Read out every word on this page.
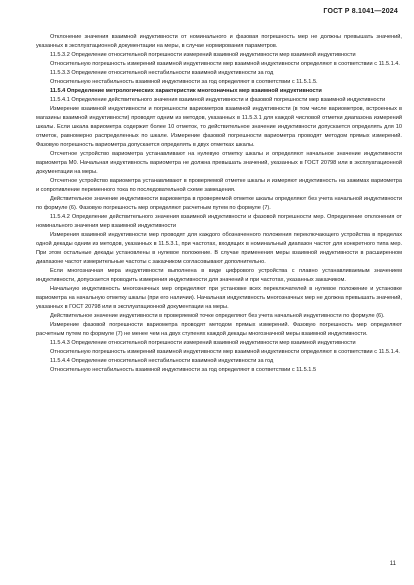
ГОСТ Р 8.1041—2024

Отклонение значения взаимной индуктивности от номинального и фазовая погрешность мер не должны превышать значений, указанных в эксплуатационной документации на меры, в случае нормирования параметров.

11.5.3.2 Определение относительной погрешности измерений взаимной индуктивности мер взаимной индуктивности

Относительную погрешность измерений взаимной индуктивности мер взаимной индуктивности определяют в соответствии с 11.5.1.4.

11.5.3.3 Определение относительной нестабильности взаимной индуктивности за год

Относительную нестабильность взаимной индуктивности за год определяют в соответствии с 11.5.1.5.

11.5.4 Определение метрологических характеристик многозначных мер взаимной индуктивности

11.5.4.1 Определение действительного значения взаимной индуктивности и фазовой погрешности мер взаимной индуктивности

Измерение взаимной индуктивности и погрешности вариометров взаимной индуктивности (в том числе вариометров, встроенных в магазины взаимной индуктивности) проводят одним из методов, указанных в 11.5.3.1 для каждой числовой отметки диапазона измерений шкалы. Если шкала вариометра содержит более 10 отметок, то действительное значение индуктивности допускается определять для 10 отметок, равномерно распределенных по шкале. Измерение фазовой погрешности вариометра проводят методом прямых измерений. Фазовую погрешность вариометра допускается определять в двух отметках шкалы.

Отсчетное устройство вариометра устанавливают на нулевую отметку шкалы и определяют начальное значение индуктивности вариометра M0. Начальная индуктивность вариометра не должна превышать значений, указанных в ГОСТ 20798 или в эксплуатационной документации на меры.

Отсчетное устройство вариометра устанавливают в проверяемой отметке шкалы и измеряют индуктивность на зажимах вариометра и сопротивление переменного тока по последовательной схеме замещения.

Действительное значение индуктивности вариометра в проверяемой отметке шкалы определяют без учета начальной индуктивности по формуле (6). Фазовую погрешность мер определяют расчетным путем по формуле (7).

11.5.4.2 Определение действительного значения взаимной индуктивности и фазовой погрешности мер. Определение отклонения от номинального значения мер взаимной индуктивности

Измерения взаимной индуктивности мер проводят для каждого обозначенного положения переключающего устройства в пределах одной декады одним из методов, указанных в 11.5.3.1, при частотах, входящих в номинальный диапазон частот для конкретного типа мер. При этом остальные декады установлены в нулевое положение. В случае применения меры взаимной индуктивности в расширенном диапазоне частот измерительные частоты с заказчиком согласовывают дополнительно.

Если многозначная мера индуктивности выполнена в виде цифрового устройства с плавно устанавливаемым значением индуктивности, допускается проводить измерения индуктивности для значений и при частотах, указанных заказчиком.

Начальную индуктивность многозначных мер определяют при установке всех переключателей в нулевое положение и установке вариометра на начальную отметку шкалы (при его наличии). Начальная индуктивность многозначных мер не должна превышать значений, указанных в ГОСТ 20798 или в эксплуатационной документации на меры.

Действительное значение индуктивности в проверяемой точке определяют без учета начальной индуктивности по формуле (6).

Измерение фазовой погрешности вариометра проводят методом прямых измерений. Фазовую погрешность мер определяют расчетным путем по формуле (7) не менее чем на двух ступенях каждой декады многозначной меры взаимной индуктивности.

11.5.4.3 Определение относительной погрешности измерений взаимной индуктивности мер взаимной индуктивности

Относительную погрешность измерений взаимной индуктивности мер взаимной индуктивности определяют в соответствии с 11.5.1.4.

11.5.4.4 Определение относительной нестабильности взаимной индуктивности за год

Относительную нестабильность взаимной индуктивности за год определяют в соответствии с 11.5.1.5

11
